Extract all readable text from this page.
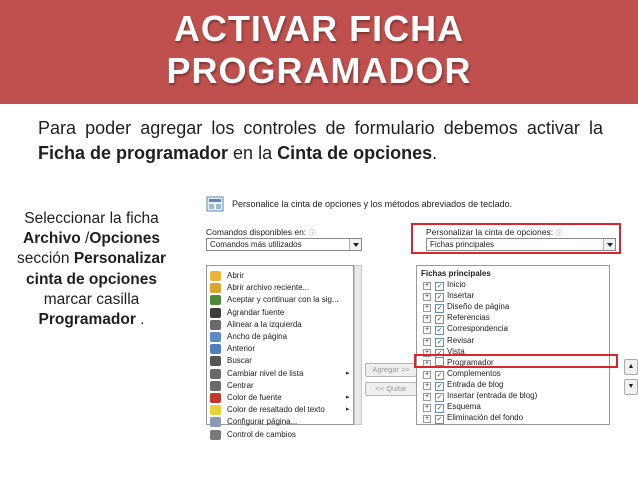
ACTIVAR FICHA
PROGRAMADOR
Para poder agregar los controles de formulario debemos activar la Ficha de programador en la Cinta de opciones.
Seleccionar la ficha Archivo /Opciones sección Personalizar cinta de opciones marcar casilla Programador .
Personalice la cinta de opciones y los métodos abreviados de teclado.
Comandos disponibles en: ⓘ
Comandos más utilizados
Personalizar la cinta de opciones: ⓘ
Fichas principales
Abrir
Abrir archivo reciente...
Aceptar y continuar con la sig...
Agrandar fuente
Alinear a la izquierda
Ancho de página
Anterior
Buscar
Cambiar nivel de lista	▸
Centrar
Color de fuente	▸
Color de resaltado del texto	▸
Configurar página...
Control de cambios
Agregar >>
<< Quitar
Fichas principales
+ ✓ Inicio
+ ✓ Insertar
+ ✓ Diseño de página
+ ✓ Referencias
+ ✓ Correspondencia
+ ✓ Revisar
+ ✓ Vista
+ Programador
+ ✓ Complementos
+ ✓ Entrada de blog
+ ✓ Insertar (entrada de blog)
+ ✓ Esquema
+ ✓ Eliminación del fondo
▲
▼
